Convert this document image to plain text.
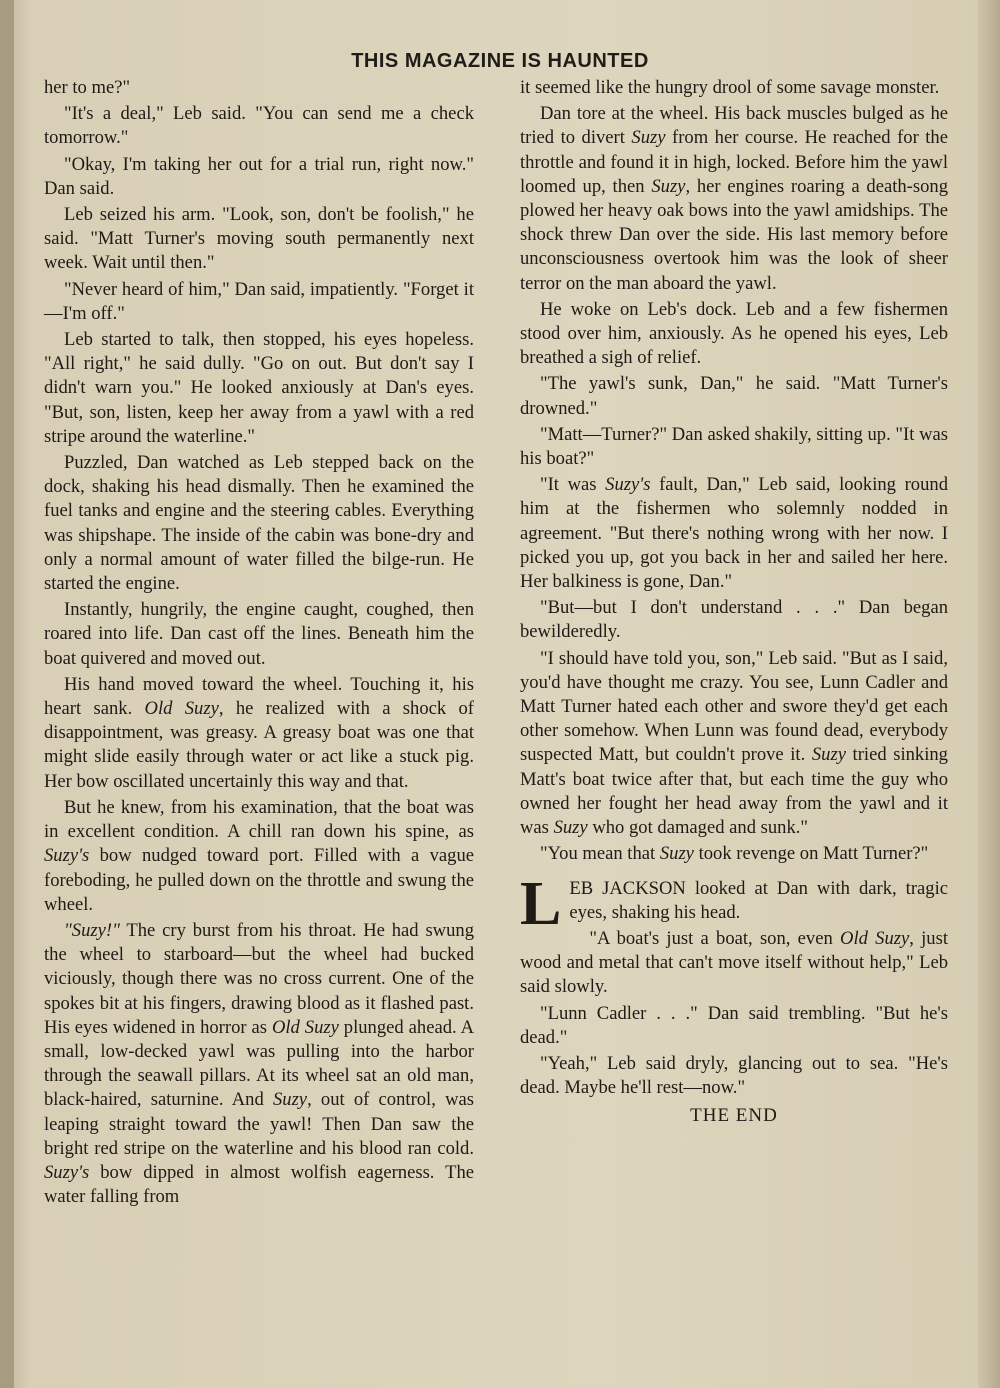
THIS MAGAZINE IS HAUNTED

her to me?"

"It's a deal," Leb said. "You can send me a check tomorrow."

"Okay, I'm taking her out for a trial run, right now." Dan said.

Leb seized his arm. "Look, son, don't be foolish," he said. "Matt Turner's moving south permanently next week. Wait until then."

"Never heard of him," Dan said, impatiently. "Forget it—I'm off."

Leb started to talk, then stopped, his eyes hopeless. "All right," he said dully. "Go on out. But don't say I didn't warn you." He looked anxiously at Dan's eyes. "But, son, listen, keep her away from a yawl with a red stripe around the waterline."

Puzzled, Dan watched as Leb stepped back on the dock, shaking his head dismally. Then he examined the fuel tanks and engine and the steering cables. Everything was shipshape. The inside of the cabin was bone-dry and only a normal amount of water filled the bilge-run. He started the engine.

Instantly, hungrily, the engine caught, coughed, then roared into life. Dan cast off the lines. Beneath him the boat quivered and moved out.

His hand moved toward the wheel. Touching it, his heart sank. Old Suzy, he realized with a shock of disappointment, was greasy. A greasy boat was one that might slide easily through water or act like a stuck pig. Her bow oscillated uncertainly this way and that.

But he knew, from his examination, that the boat was in excellent condition. A chill ran down his spine, as Suzy's bow nudged toward port. Filled with a vague foreboding, he pulled down on the throttle and swung the wheel.

"Suzy!" The cry burst from his throat. He had swung the wheel to starboard—but the wheel had bucked viciously, though there was no cross current. One of the spokes bit at his fingers, drawing blood as it flashed past. His eyes widened in horror as Old Suzy plunged ahead. A small, low-decked yawl was pulling into the harbor through the seawall pillars. At its wheel sat an old man, black-haired, saturnine. And Suzy, out of control, was leaping straight toward the yawl! Then Dan saw the bright red stripe on the waterline and his blood ran cold. Suzy's bow dipped in almost wolfish eagerness. The water falling from

it seemed like the hungry drool of some savage monster.

Dan tore at the wheel. His back muscles bulged as he tried to divert Suzy from her course. He reached for the throttle and found it in high, locked. Before him the yawl loomed up, then Suzy, her engines roaring a death-song plowed her heavy oak bows into the yawl amidships. The shock threw Dan over the side. His last memory before unconsciousness overtook him was the look of sheer terror on the man aboard the yawl.

He woke on Leb's dock. Leb and a few fishermen stood over him, anxiously. As he opened his eyes, Leb breathed a sigh of relief.

"The yawl's sunk, Dan," he said. "Matt Turner's drowned."

"Matt—Turner?" Dan asked shakily, sitting up. "It was his boat?"

"It was Suzy's fault, Dan," Leb said, looking round him at the fishermen who solemnly nodded in agreement. "But there's nothing wrong with her now. I picked you up, got you back in her and sailed her here. Her balkiness is gone, Dan."

"But—but I don't understand . . ." Dan began bewilderedly.

"I should have told you, son," Leb said. "But as I said, you'd have thought me crazy. You see, Lunn Cadler and Matt Turner hated each other and swore they'd get each other somehow. When Lunn was found dead, everybody suspected Matt, but couldn't prove it. Suzy tried sinking Matt's boat twice after that, but each time the guy who owned her fought her head away from the yawl and it was Suzy who got damaged and sunk."

"You mean that Suzy took revenge on Matt Turner?"

LEB JACKSON looked at Dan with dark, tragic eyes, shaking his head.

"A boat's just a boat, son, even Old Suzy, just wood and metal that can't move itself without help," Leb said slowly.

"Lunn Cadler . . ." Dan said trembling. "But he's dead."

"Yeah," Leb said dryly, glancing out to sea. "He's dead. Maybe he'll rest—now."

THE END
